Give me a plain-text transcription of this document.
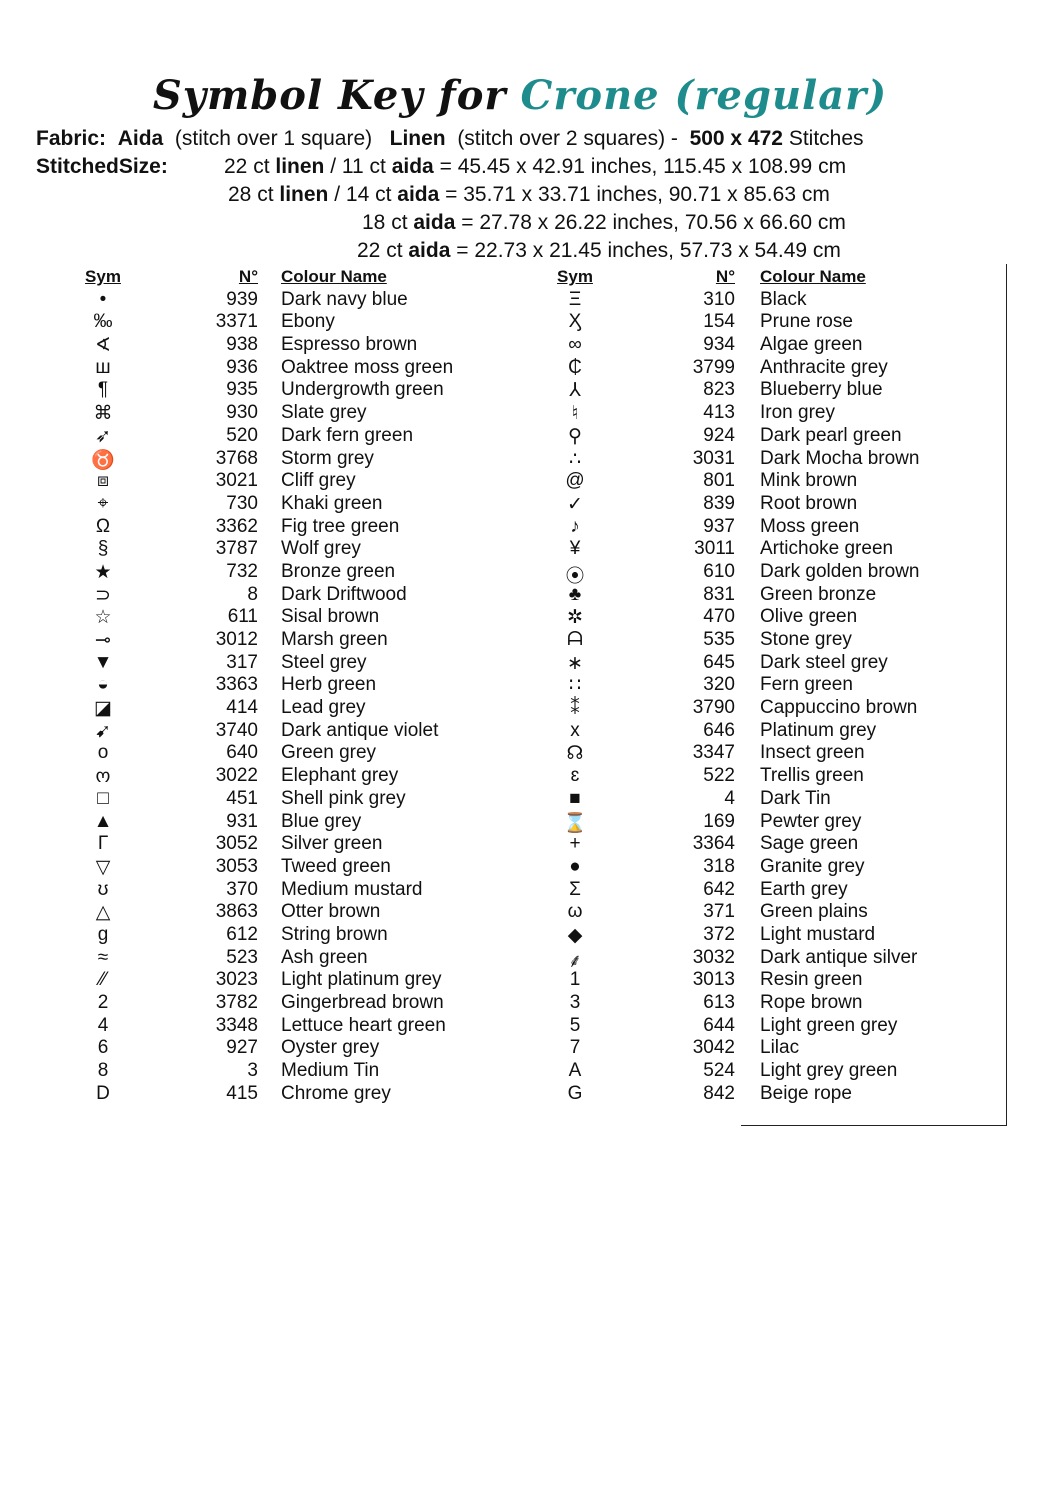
Symbol Key for Crone (regular)
Fabric: Aida (stitch over 1 square) Linen (stitch over 2 squares) - 500 x 472 Stitches
StitchedSize:	22 ct linen / 11 ct aida = 45.45 x 42.91 inches, 115.45 x 108.99 cm
28 ct linen / 14 ct aida = 35.71 x 33.71 inches, 90.71 x 85.63 cm
18 ct aida = 27.78 x 26.22 inches, 70.56 x 66.60 cm
22 ct aida = 22.73 x 21.45 inches, 57.73 x 54.49 cm
Sym	N° Colour Name
•	939 Dark navy blue
‰	3371 Ebony
∢	938 Espresso brown
ш	936 Oaktree moss green
¶	935 Undergrowth green
⌘	930 Slate grey
➶	520 Dark fern green
♉	3768 Storm grey
⧈	3021 Cliff grey
⌖	730 Khaki green
Ω	3362 Fig tree green
§	3787 Wolf grey
★	732 Bronze green
⊃	8 Dark Driftwood
☆	611 Sisal brown
⊸	3012 Marsh green
▼	317 Steel grey
◒	3363 Herb green
◪	414 Lead grey
➹	3740 Dark antique violet
o	640 Green grey
ო	3022 Elephant grey
□	451 Shell pink grey
▲	931 Blue grey
Г	3052 Silver green
▽	3053 Tweed green
ʊ	370 Medium mustard
△	3863 Otter brown
g	612 String brown
≈	523 Ash green
⁄⁄	3023 Light platinum grey
2	3782 Gingerbread brown
4	3348 Lettuce heart green
6	927 Oyster grey
8	3 Medium Tin
D	415 Chrome grey
Sym	N° Colour Name
Ξ	310 Black
Ӽ	154 Prune rose
∞	934 Algae green
₵	3799 Anthracite grey
⅄	823 Blueberry blue
♮	413 Iron grey
⚲	924 Dark pearl green
∴	3031 Dark Mocha brown
@	801 Mink brown
✓	839 Root brown
♪	937 Moss green
¥	3011 Artichoke green
⦿	610 Dark golden brown
♣	831 Green bronze
✲	470 Olive green
ᗩ	535 Stone grey
∗	645 Dark steel grey
∷	320 Fern green
⁑	3790 Cappuccino brown
x	646 Platinum grey
☊	3347 Insect green
ɛ	522 Trellis green
■	4 Dark Tin
⌛	169 Pewter grey
+	3364 Sage green
●	318 Granite grey
Σ	642 Earth grey
ω	371 Green plains
◆	372 Light mustard
⸙	3032 Dark antique silver
1	3013 Resin green
3	613 Rope brown
5	644 Light green grey
7	3042 Lilac
A	524 Light grey green
G	842 Beige rope
